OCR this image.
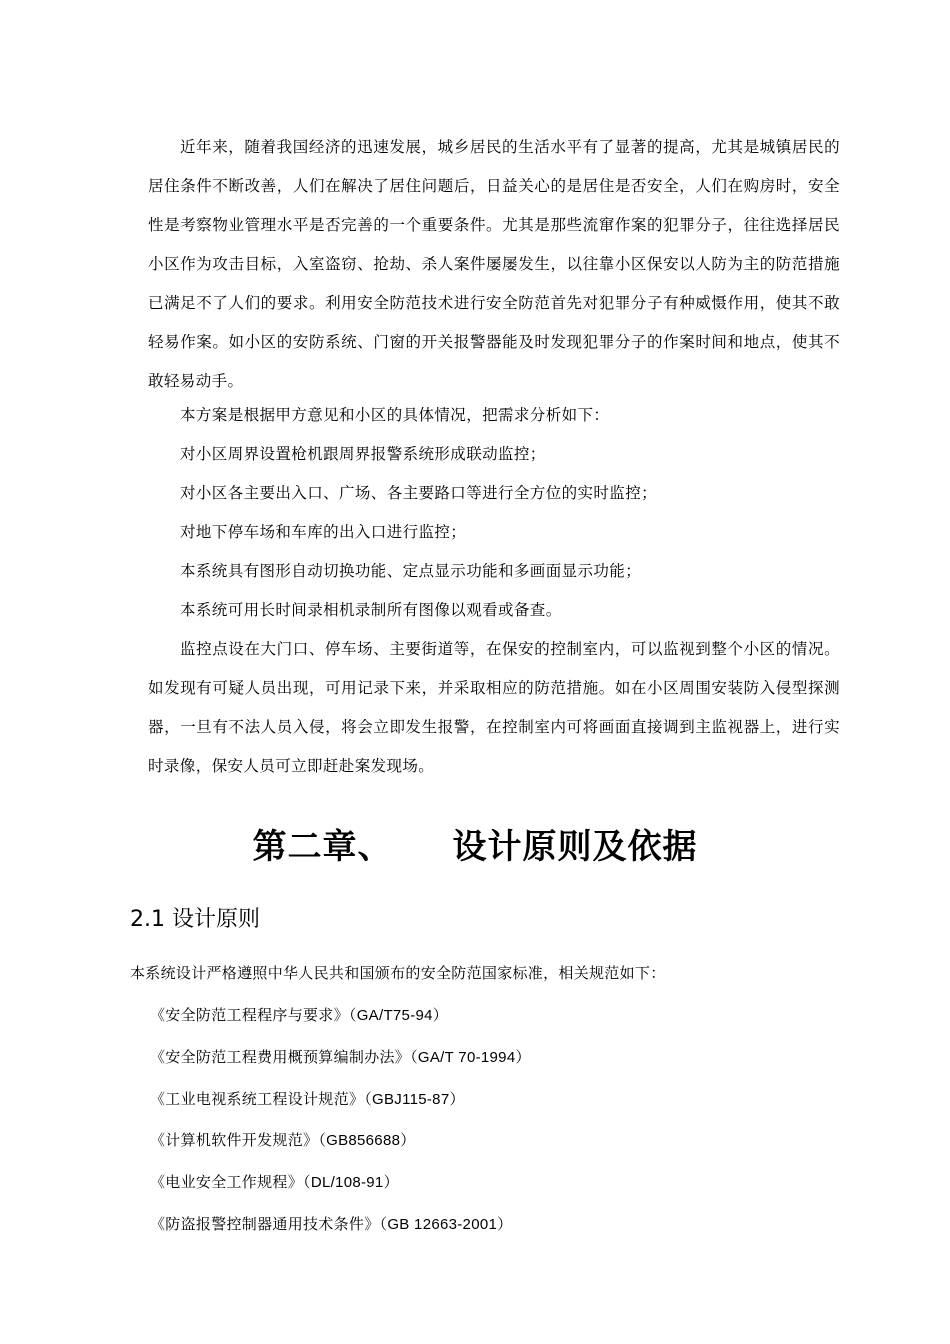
近年来，随着我国经济的迅速发展，城乡居民的生活水平有了显著的提高，尤其是城镇居民的居住条件不断改善，人们在解决了居住问题后，日益关心的是居住是否安全，人们在购房时，安全性是考察物业管理水平是否完善的一个重要条件。尤其是那些流窜作案的犯罪分子，往往选择居民小区作为攻击目标，入室盗窃、抢劫、杀人案件屡屡发生，以往靠小区保安以人防为主的防范措施已满足不了人们的要求。利用安全防范技术进行安全防范首先对犯罪分子有种威慑作用，使其不敢轻易作案。如小区的安防系统、门窗的开关报警器能及时发现犯罪分子的作案时间和地点，使其不敢轻易动手。

本方案是根据甲方意见和小区的具体情况，把需求分析如下：

对小区周界设置枪机跟周界报警系统形成联动监控；

对小区各主要出入口、广场、各主要路口等进行全方位的实时监控；

对地下停车场和车库的出入口进行监控；

本系统具有图形自动切换功能、定点显示功能和多画面显示功能；

本系统可用长时间录相机录制所有图像以观看或备查。

监控点设在大门口、停车场、主要街道等，在保安的控制室内，可以监视到整个小区的情况。如发现有可疑人员出现，可用记录下来，并采取相应的防范措施。如在小区周围安装防入侵型探测器，一旦有不法人员入侵，将会立即发生报警，在控制室内可将画面直接调到主监视器上，进行实时录像，保安人员可立即赶赴案发现场。

第二章、 设计原则及依据
2.1 设计原则

本系统设计严格遵照中华人民共和国颁布的安全防范国家标准，相关规范如下：

《安全防范工程程序与要求》（GA/T75-94）
《安全防范工程费用概预算编制办法》（GA/T 70-1994）
《工业电视系统工程设计规范》（GBJ115-87）
《计算机软件开发规范》（GB856688）
《电业安全工作规程》（DL/108-91）
《防盗报警控制器通用技术条件》（GB 12663-2001）
